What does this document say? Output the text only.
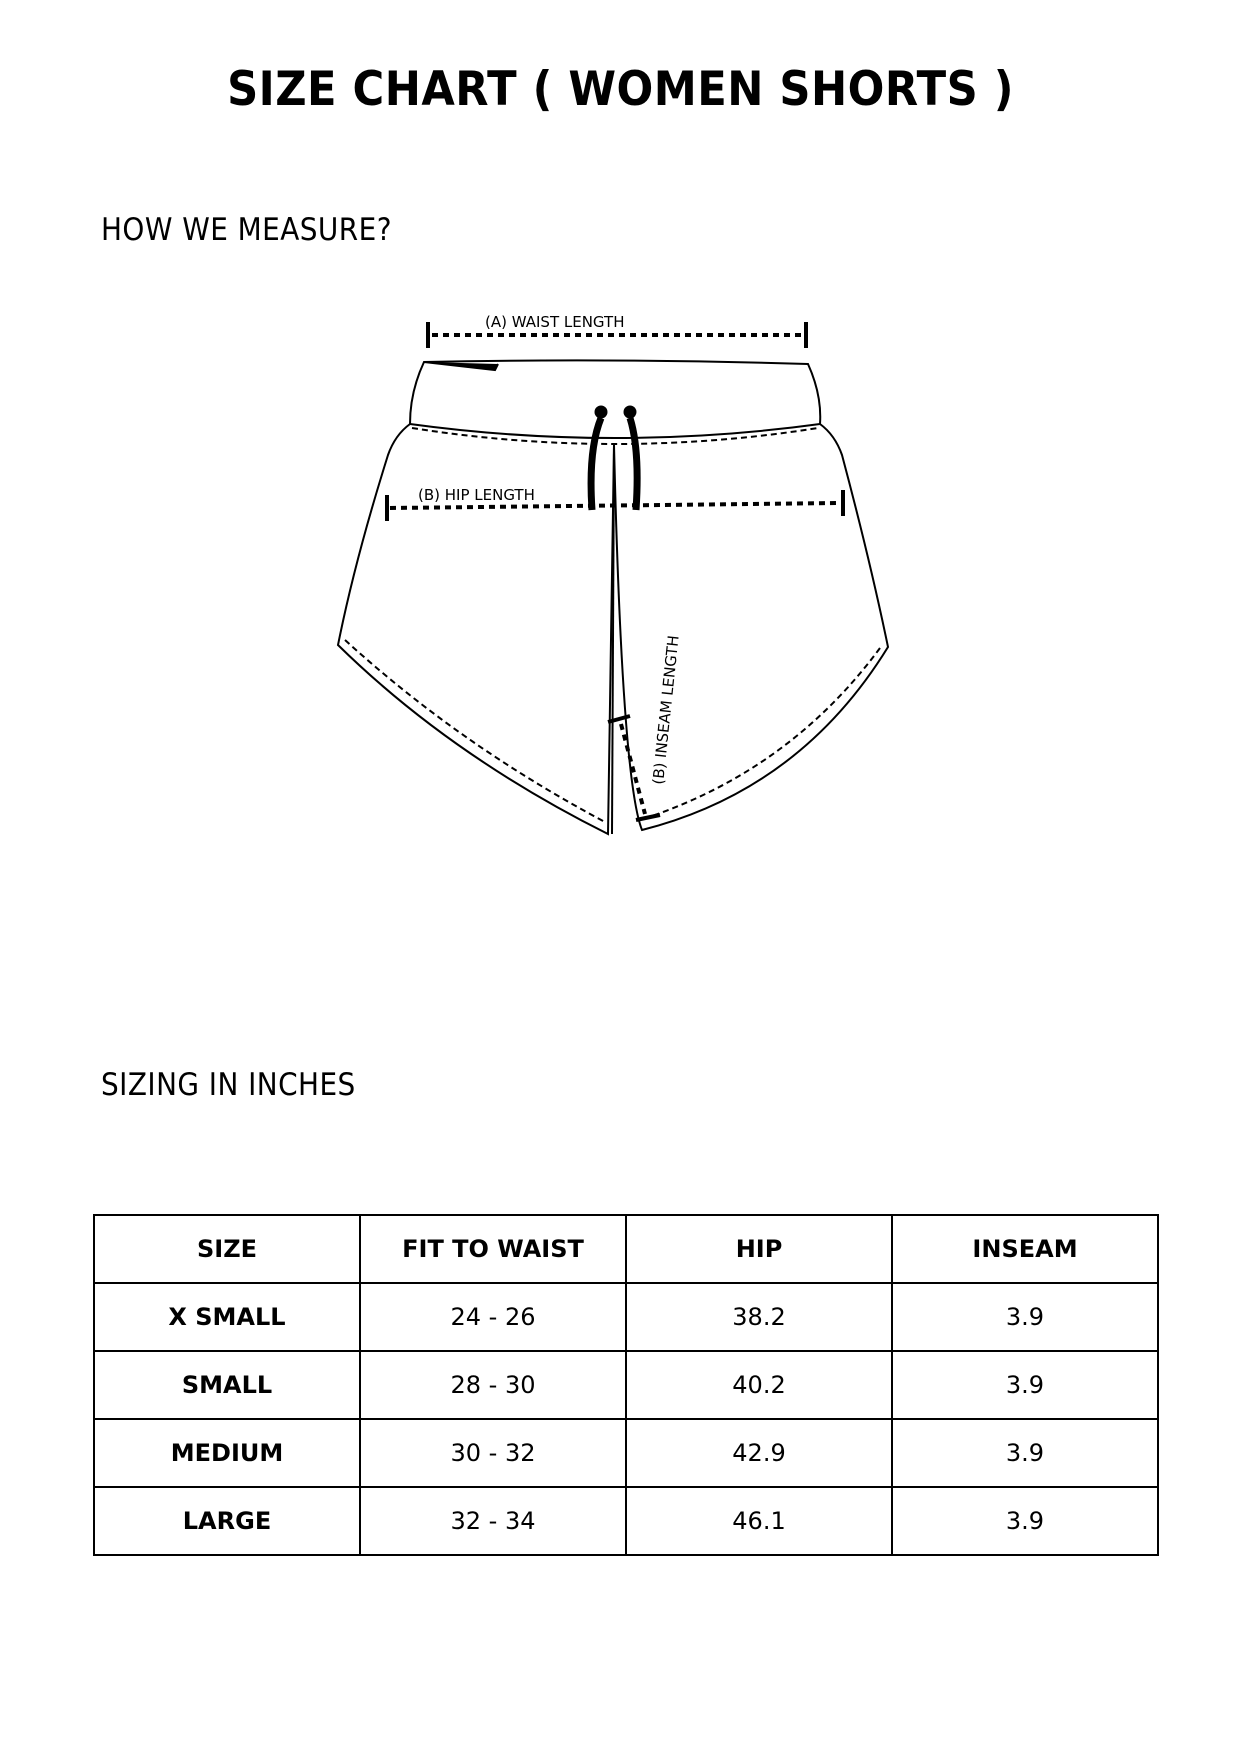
SIZE CHART ( WOMEN SHORTS )
HOW WE MEASURE?
(A) WAIST LENGTH
(B) HIP LENGTH
(B) INSEAM LENGTH
SIZING IN INCHES
SIZE	FIT TO WAIST	HIP	INSEAM
X SMALL	24 - 26	38.2	3.9
SMALL	28 - 30	40.2	3.9
MEDIUM	30 - 32	42.9	3.9
LARGE	32 - 34	46.1	3.9
